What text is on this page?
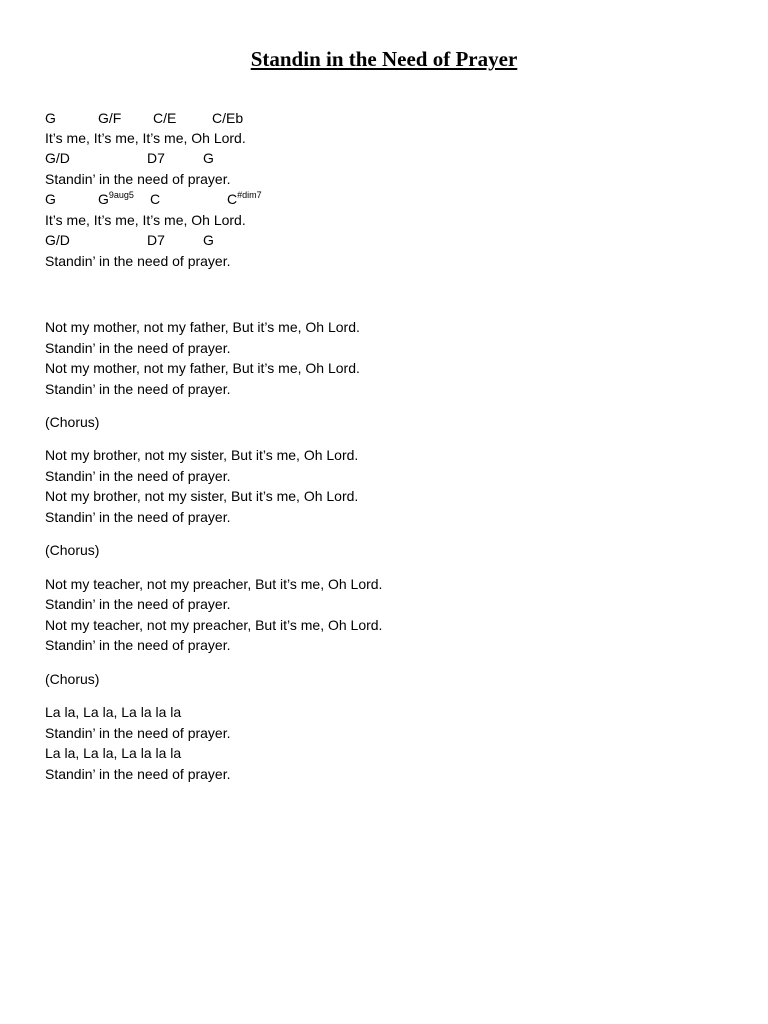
Standin in the Need of Prayer
G	G/F C/E	C/Eb
It’s me, It’s me, It’s me, Oh Lord.
G/D	D7	G
Standin’ in the need of prayer.
G	$G^{9aug5}$ C	$C^{\#dim7}$
It’s me, It’s me, It’s me, Oh Lord.
G/D	D7	G
Standin’ in the need of prayer.
Not my mother, not my father, But it’s me, Oh Lord.
Standin’ in the need of prayer.
Not my mother, not my father, But it’s me, Oh Lord.
Standin’ in the need of prayer.
(Chorus)
Not my brother, not my sister, But it’s me, Oh Lord.
Standin’ in the need of prayer.
Not my brother, not my sister, But it’s me, Oh Lord.
Standin’ in the need of prayer.
(Chorus)
Not my teacher, not my preacher, But it’s me, Oh Lord.
Standin’ in the need of prayer.
Not my teacher, not my preacher, But it’s me, Oh Lord.
Standin’ in the need of prayer.
(Chorus)
La la, La la, La la la la
Standin’ in the need of prayer.
La la, La la, La la la la
Standin’ in the need of prayer.
